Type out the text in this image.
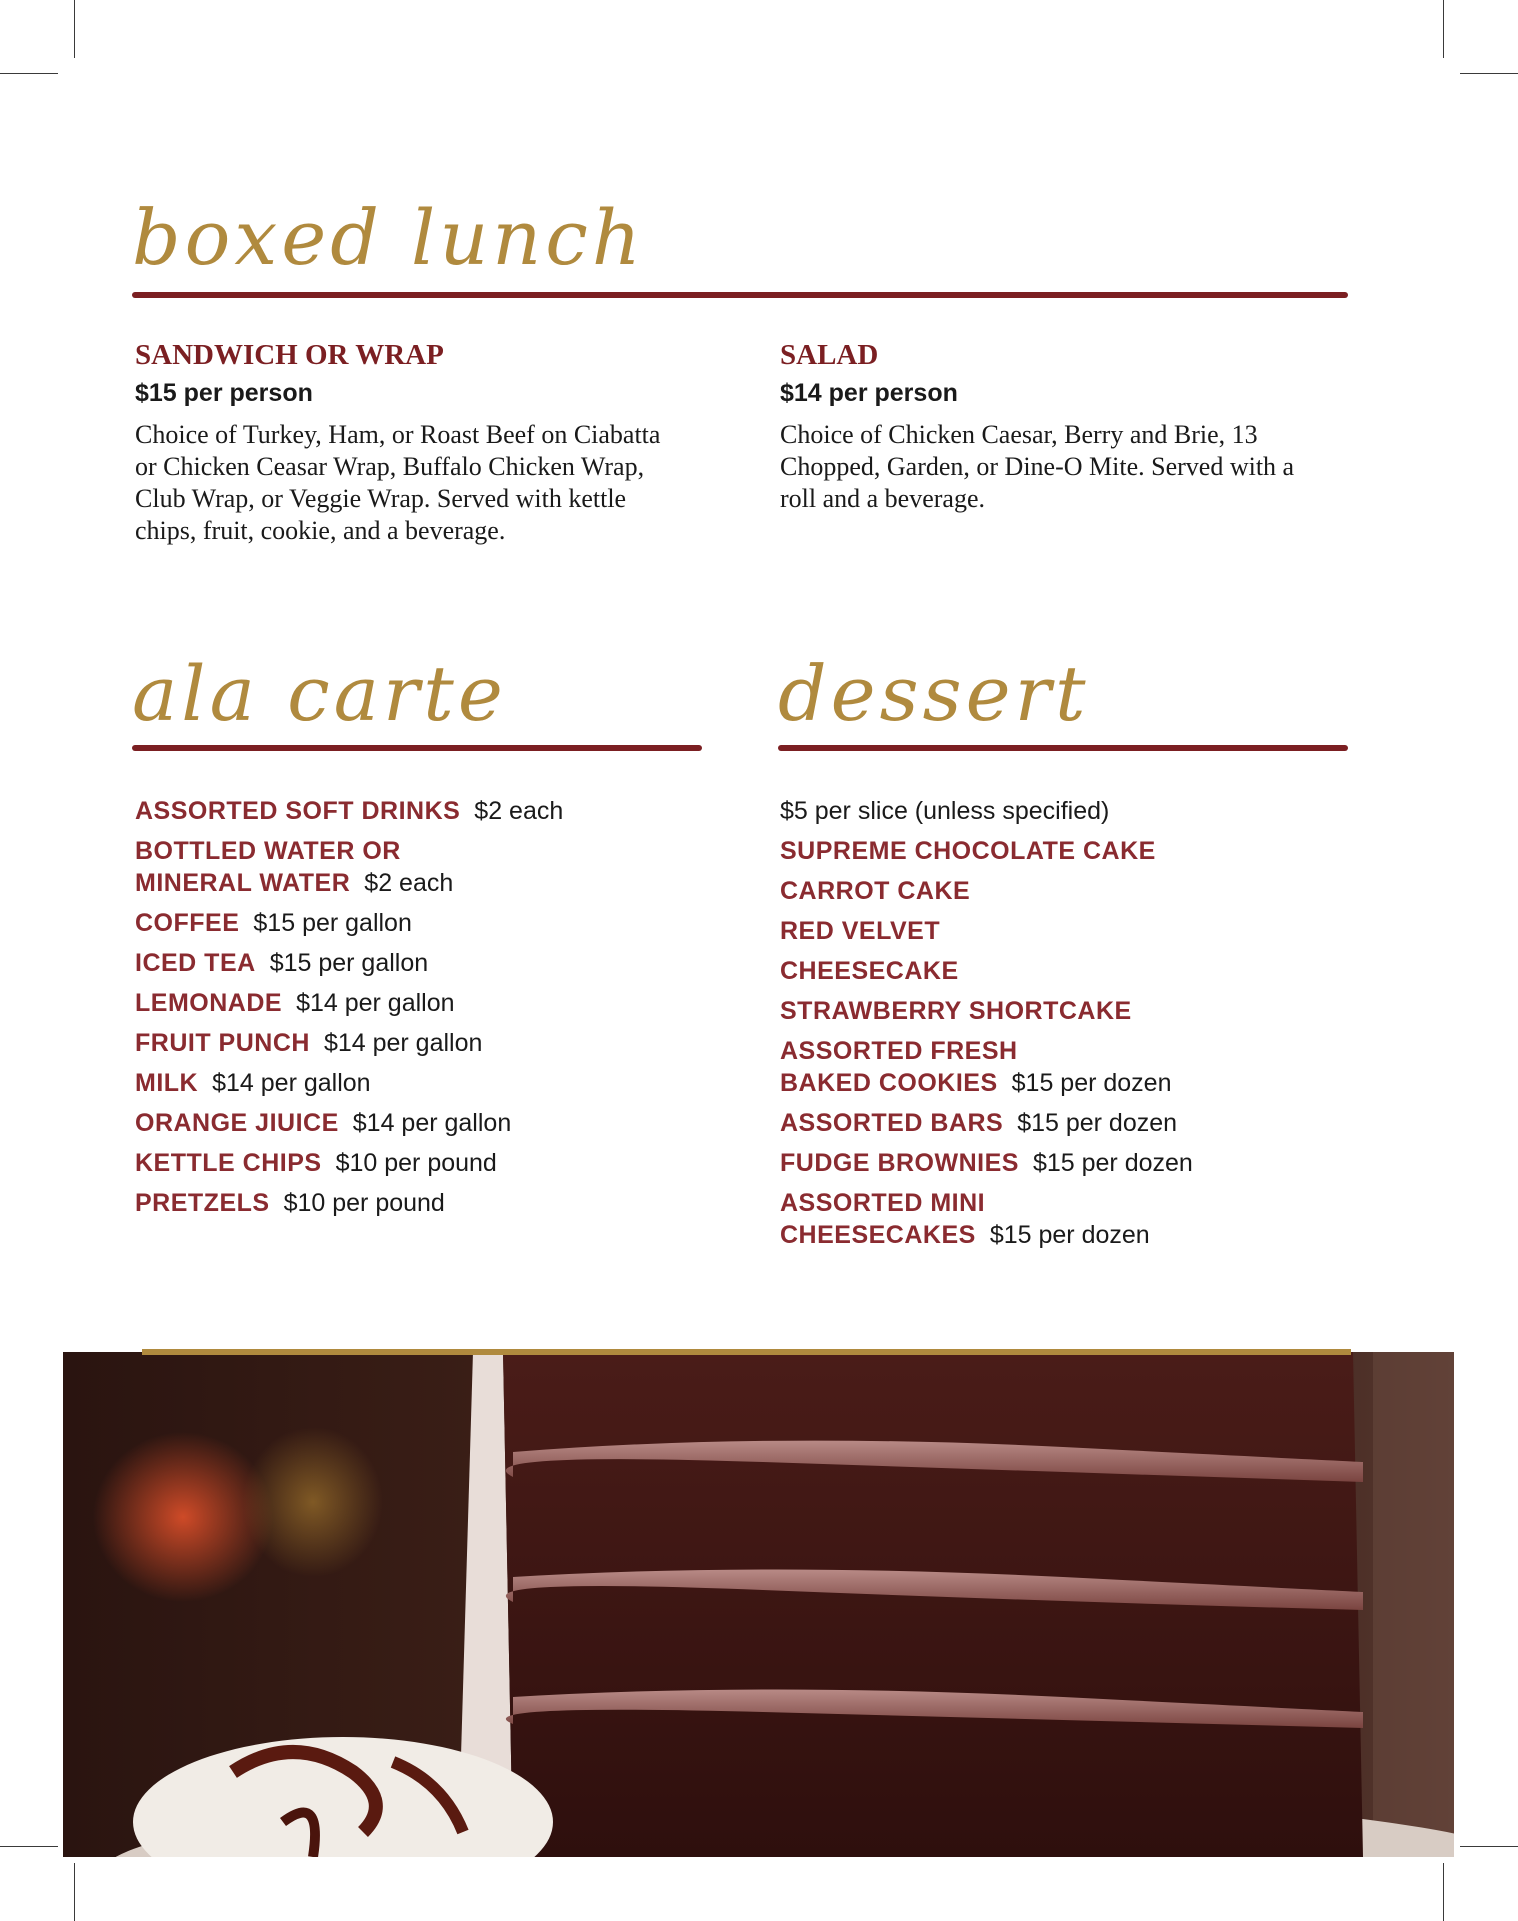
boxed lunch
SANDWICH OR WRAP
$15 per person
Choice of Turkey, Ham, or Roast Beef on Ciabatta or Chicken Ceasar Wrap, Buffalo Chicken Wrap, Club Wrap, or Veggie Wrap. Served with kettle chips, fruit, cookie, and a beverage.
SALAD
$14 per person
Choice of Chicken Caesar, Berry and Brie, 13 Chopped, Garden, or Dine-O Mite. Served with a roll and a beverage.
ala carte
ASSORTED SOFT DRINKS $2 each
BOTTLED WATER OR
MINERAL WATER $2 each
COFFEE $15 per gallon
ICED TEA $15 per gallon
LEMONADE $14 per gallon
FRUIT PUNCH $14 per gallon
MILK $14 per gallon
ORANGE JIUICE $14 per gallon
KETTLE CHIPS $10 per pound
PRETZELS $10 per pound
dessert
$5 per slice (unless specified)
SUPREME CHOCOLATE CAKE
CARROT CAKE
RED VELVET
CHEESECAKE
STRAWBERRY SHORTCAKE
ASSORTED FRESH
BAKED COOKIES $15 per dozen
ASSORTED BARS $15 per dozen
FUDGE BROWNIES $15 per dozen
ASSORTED MINI
CHEESECAKES $15 per dozen
